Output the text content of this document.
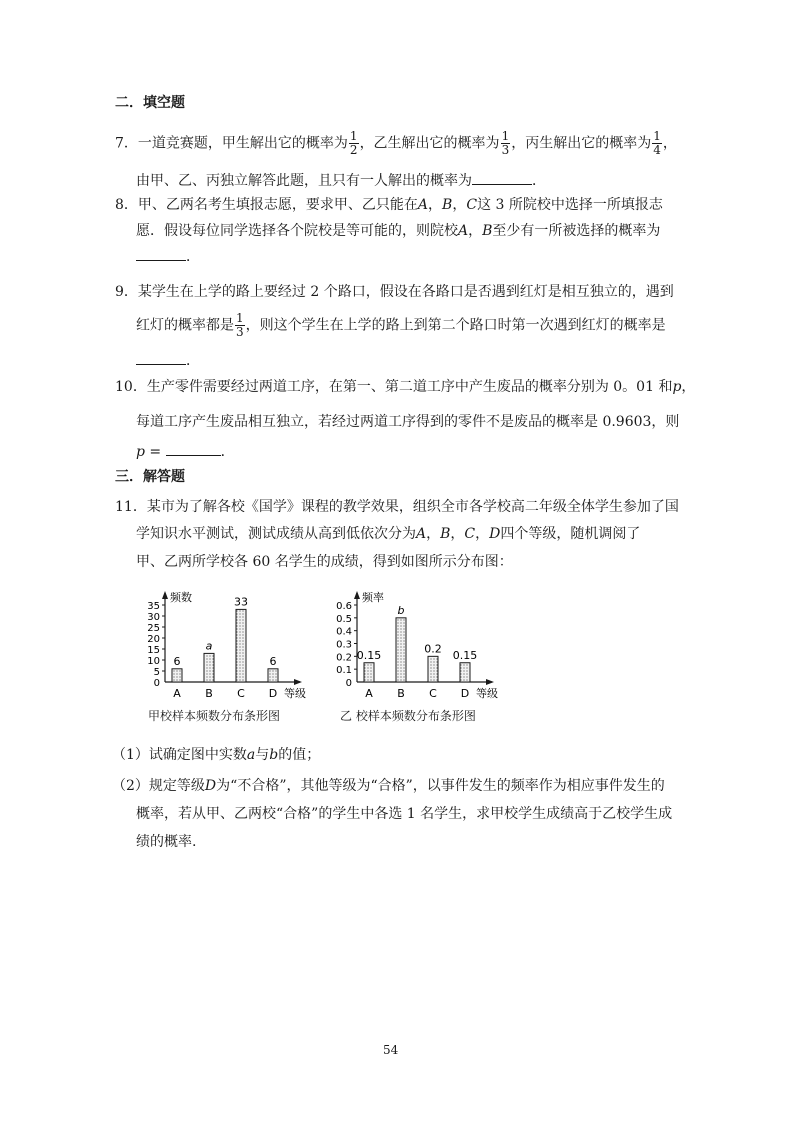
二．填空题
7．一道竞赛题，甲生解出它的概率为 $\frac{1}{2}$ ，乙生解出它的概率为 $\frac{1}{3}$ ，丙生解出它的概率为 $\frac{1}{4}$ ，
由甲、乙、丙独立解答此题，且只有一人解出的概率为	．
8．甲、乙两名考生填报志愿，要求甲、乙只能在A，B，C这 3 所院校中选择一所填报志
愿．假设每位同学选择各个院校是等可能的，则院校A，B至少有一所被选择的概率为
．
9．某学生在上学的路上要经过 2 个路口，假设在各路口是否遇到红灯是相互独立的，遇到
红灯的概率都是 $\frac{1}{3}$ ，则这个学生在上学的路上到第二个路口时第一次遇到红灯的概率是
．
10．生产零件需要经过两道工序，在第一、第二道工序中产生废品的概率分别为 0。01 和p，
每道工序产生废品相互独立，若经过两道工序得到的零件不是废品的概率是 0.9603，则
p =	．
三．解答题
11．某市为了解各校《国学》课程的教学效果，组织全市各学校高二年级全体学生参加了国
学知识水平测试，测试成绩从高到低依次分为A，B，C，D四个等级，随机调阅了
甲、乙两所学校各 60 名学生的成绩，得到如图所示分布图：
频数
等级
35
30
25
20
15
10
5
0
6
A
a
B
33
C
6
D
甲校样本频数分布条形图
频率
等级
0.6
0.5
0.4
0.3
0.2
0.1
0
0.15
A
b
B
0.2
C
0.15
D
乙 校样本频数分布条形图
（1）试确定图中实数a与b的值；
（2）规定等级D为“不合格”，其他等级为“合格”，以事件发生的频率作为相应事件发生的
概率，若从甲、乙两校“合格”的学生中各选 1 名学生，求甲校学生成绩高于乙校学生成
绩的概率.
54
